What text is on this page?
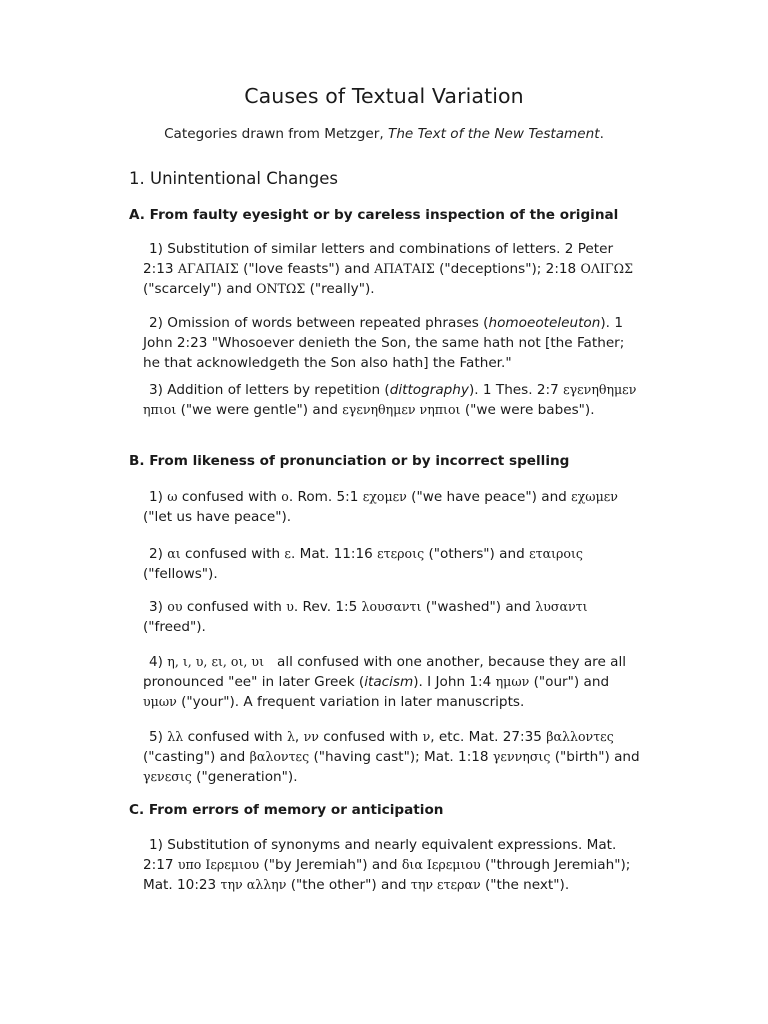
Causes of Textual Variation
Categories drawn from Metzger, The Text of the New Testament.
1. Unintentional Changes
A. From faulty eyesight or by careless inspection of the original
1) Substitution of similar letters and combinations of letters. 2 Peter 2:13 ΑΓΑΠΑΙΣ ("love feasts") and ΑΠΑΤΑΙΣ ("deceptions"); 2:18 ΟΛΙΓΩΣ ("scarcely") and ΟΝΤΩΣ ("really").
2) Omission of words between repeated phrases (homoeoteleuton). 1 John 2:23 "Whosoever denieth the Son, the same hath not [the Father; he that acknowledgeth the Son also hath] the Father."
3) Addition of letters by repetition (dittography). 1 Thes. 2:7 εγενηθημεν ηπιοι ("we were gentle") and εγενηθημεν νηπιοι ("we were babes").
B. From likeness of pronunciation or by incorrect spelling
1) ω confused with ο. Rom. 5:1 εχομεν ("we have peace") and εχωμεν ("let us have peace").
2) αι confused with ε. Mat. 11:16 ετεροις ("others") and εταιροις ("fellows").
3) ου confused with υ. Rev. 1:5 λουσαντι ("washed") and λυσαντι ("freed").
4) η, ι, υ, ει, οι, υι   all confused with one another, because they are all pronounced "ee" in later Greek (itacism). I John 1:4 ημων ("our") and υμων ("your"). A frequent variation in later manuscripts.
5) λλ confused with λ, νν confused with ν, etc. Mat. 27:35 βαλλοντες ("casting") and βαλοντες ("having cast"); Mat. 1:18 γεννησις ("birth") and γενεσις ("generation").
C. From errors of memory or anticipation
1) Substitution of synonyms and nearly equivalent expressions. Mat. 2:17 υπο Ιερεμιου ("by Jeremiah") and δια Ιερεμιου ("through Jeremiah"); Mat. 10:23 την αλλην ("the other") and την ετεραν ("the next").
